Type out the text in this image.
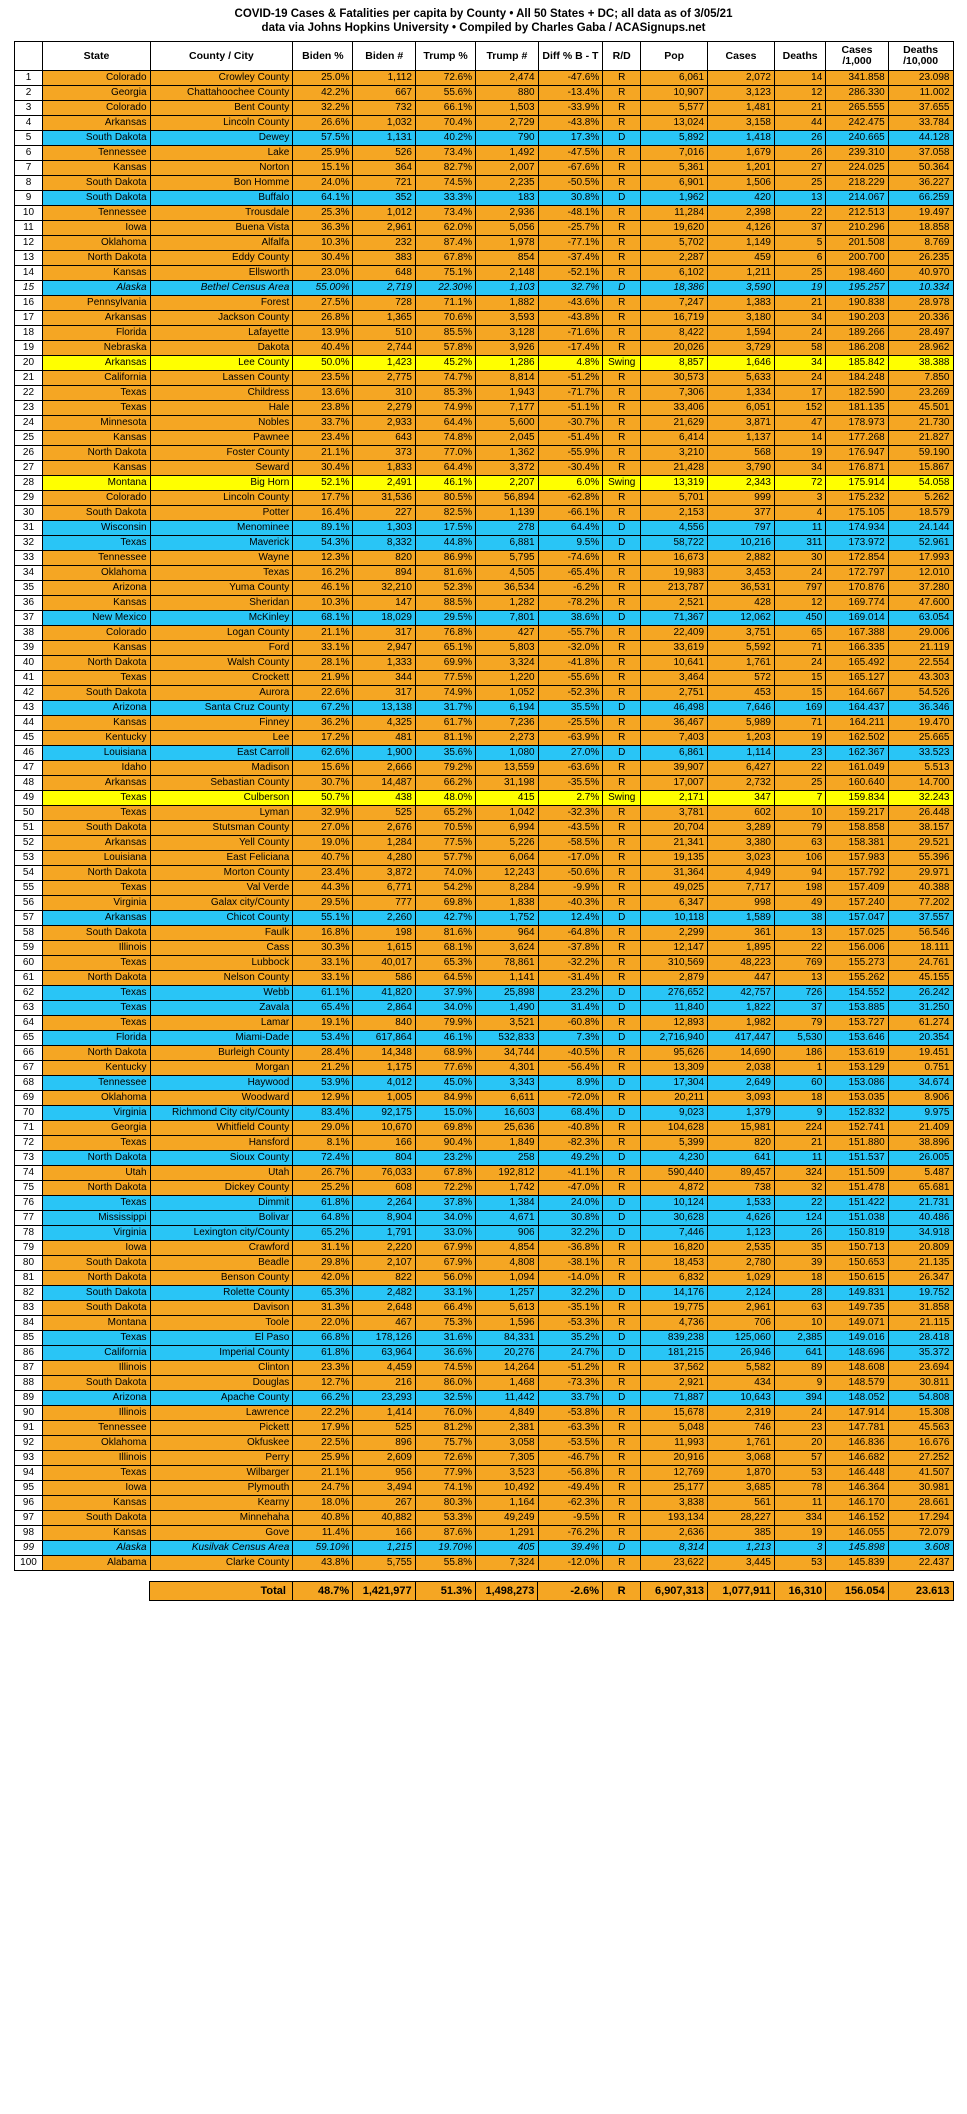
COVID-19 Cases & Fatalities per capita by County • All 50 States + DC; all data as of 3/05/21
data via Johns Hopkins University • Compiled by Charles Gaba / ACASignups.net
	State	County / City	Biden %	Biden #	Trump %	Trump #	Diff % B - T	R/D	Pop	Cases	Deaths	Cases /1,000	Deaths /10,000
1	Colorado	Crowley County	25.0%	1,112	72.6%	2,474	-47.6%	R	6,061	2,072	14	341.858	23.098
2	Georgia	Chattahoochee County	42.2%	667	55.6%	880	-13.4%	R	10,907	3,123	12	286.330	11.002
3	Colorado	Bent County	32.2%	732	66.1%	1,503	-33.9%	R	5,577	1,481	21	265.555	37.655
4	Arkansas	Lincoln County	26.6%	1,032	70.4%	2,729	-43.8%	R	13,024	3,158	44	242.475	33.784
5	South Dakota	Dewey	57.5%	1,131	40.2%	790	17.3%	D	5,892	1,418	26	240.665	44.128
6	Tennessee	Lake	25.9%	526	73.4%	1,492	-47.5%	R	7,016	1,679	26	239.310	37.058
7	Kansas	Norton	15.1%	364	82.7%	2,007	-67.6%	R	5,361	1,201	27	224.025	50.364
8	South Dakota	Bon Homme	24.0%	721	74.5%	2,235	-50.5%	R	6,901	1,506	25	218.229	36.227
9	South Dakota	Buffalo	64.1%	352	33.3%	183	30.8%	D	1,962	420	13	214.067	66.259
10	Tennessee	Trousdale	25.3%	1,012	73.4%	2,936	-48.1%	R	11,284	2,398	22	212.513	19.497
11	Iowa	Buena Vista	36.3%	2,961	62.0%	5,056	-25.7%	R	19,620	4,126	37	210.296	18.858
12	Oklahoma	Alfalfa	10.3%	232	87.4%	1,978	-77.1%	R	5,702	1,149	5	201.508	8.769
13	North Dakota	Eddy County	30.4%	383	67.8%	854	-37.4%	R	2,287	459	6	200.700	26.235
14	Kansas	Ellsworth	23.0%	648	75.1%	2,148	-52.1%	R	6,102	1,211	25	198.460	40.970
15	Alaska	Bethel Census Area	55.00%	2,719	22.30%	1,103	32.7%	D	18,386	3,590	19	195.257	10.334
16	Pennsylvania	Forest	27.5%	728	71.1%	1,882	-43.6%	R	7,247	1,383	21	190.838	28.978
17	Arkansas	Jackson County	26.8%	1,365	70.6%	3,593	-43.8%	R	16,719	3,180	34	190.203	20.336
18	Florida	Lafayette	13.9%	510	85.5%	3,128	-71.6%	R	8,422	1,594	24	189.266	28.497
19	Nebraska	Dakota	40.4%	2,744	57.8%	3,926	-17.4%	R	20,026	3,729	58	186.208	28.962
20	Arkansas	Lee County	50.0%	1,423	45.2%	1,286	4.8%	Swing	8,857	1,646	34	185.842	38.388
21	California	Lassen County	23.5%	2,775	74.7%	8,814	-51.2%	R	30,573	5,633	24	184.248	7.850
22	Texas	Childress	13.6%	310	85.3%	1,943	-71.7%	R	7,306	1,334	17	182.590	23.269
23	Texas	Hale	23.8%	2,279	74.9%	7,177	-51.1%	R	33,406	6,051	152	181.135	45.501
24	Minnesota	Nobles	33.7%	2,933	64.4%	5,600	-30.7%	R	21,629	3,871	47	178.973	21.730
25	Kansas	Pawnee	23.4%	643	74.8%	2,045	-51.4%	R	6,414	1,137	14	177.268	21.827
26	North Dakota	Foster County	21.1%	373	77.0%	1,362	-55.9%	R	3,210	568	19	176.947	59.190
27	Kansas	Seward	30.4%	1,833	64.4%	3,372	-30.4%	R	21,428	3,790	34	176.871	15.867
28	Montana	Big Horn	52.1%	2,491	46.1%	2,207	6.0%	Swing	13,319	2,343	72	175.914	54.058
29	Colorado	Lincoln County	17.7%	31,536	80.5%	56,894	-62.8%	R	5,701	999	3	175.232	5.262
30	South Dakota	Potter	16.4%	227	82.5%	1,139	-66.1%	R	2,153	377	4	175.105	18.579
31	Wisconsin	Menominee	89.1%	1,303	17.5%	278	64.4%	D	4,556	797	11	174.934	24.144
32	Texas	Maverick	54.3%	8,332	44.8%	6,881	9.5%	D	58,722	10,216	311	173.972	52.961
33	Tennessee	Wayne	12.3%	820	86.9%	5,795	-74.6%	R	16,673	2,882	30	172.854	17.993
34	Oklahoma	Texas	16.2%	894	81.6%	4,505	-65.4%	R	19,983	3,453	24	172.797	12.010
35	Arizona	Yuma County	46.1%	32,210	52.3%	36,534	-6.2%	R	213,787	36,531	797	170.876	37.280
36	Kansas	Sheridan	10.3%	147	88.5%	1,282	-78.2%	R	2,521	428	12	169.774	47.600
37	New Mexico	McKinley	68.1%	18,029	29.5%	7,801	38.6%	D	71,367	12,062	450	169.014	63.054
38	Colorado	Logan County	21.1%	317	76.8%	427	-55.7%	R	22,409	3,751	65	167.388	29.006
39	Kansas	Ford	33.1%	2,947	65.1%	5,803	-32.0%	R	33,619	5,592	71	166.335	21.119
40	North Dakota	Walsh County	28.1%	1,333	69.9%	3,324	-41.8%	R	10,641	1,761	24	165.492	22.554
41	Texas	Crockett	21.9%	344	77.5%	1,220	-55.6%	R	3,464	572	15	165.127	43.303
42	South Dakota	Aurora	22.6%	317	74.9%	1,052	-52.3%	R	2,751	453	15	164.667	54.526
43	Arizona	Santa Cruz County	67.2%	13,138	31.7%	6,194	35.5%	D	46,498	7,646	169	164.437	36.346
44	Kansas	Finney	36.2%	4,325	61.7%	7,236	-25.5%	R	36,467	5,989	71	164.211	19.470
45	Kentucky	Lee	17.2%	481	81.1%	2,273	-63.9%	R	7,403	1,203	19	162.502	25.665
46	Louisiana	East Carroll	62.6%	1,900	35.6%	1,080	27.0%	D	6,861	1,114	23	162.367	33.523
47	Idaho	Madison	15.6%	2,666	79.2%	13,559	-63.6%	R	39,907	6,427	22	161.049	5.513
48	Arkansas	Sebastian County	30.7%	14,487	66.2%	31,198	-35.5%	R	17,007	2,732	25	160.640	14.700
49	Texas	Culberson	50.7%	438	48.0%	415	2.7%	Swing	2,171	347	7	159.834	32.243
50	Texas	Lyman	32.9%	525	65.2%	1,042	-32.3%	R	3,781	602	10	159.217	26.448
51	South Dakota	Stutsman County	27.0%	2,676	70.5%	6,994	-43.5%	R	20,704	3,289	79	158.858	38.157
52	Arkansas	Yell County	19.0%	1,284	77.5%	5,226	-58.5%	R	21,341	3,380	63	158.381	29.521
53	Louisiana	East Feliciana	40.7%	4,280	57.7%	6,064	-17.0%	R	19,135	3,023	106	157.983	55.396
54	North Dakota	Morton County	23.4%	3,872	74.0%	12,243	-50.6%	R	31,364	4,949	94	157.792	29.971
55	Texas	Val Verde	44.3%	6,771	54.2%	8,284	-9.9%	R	49,025	7,717	198	157.409	40.388
56	Virginia	Galax city/County	29.5%	777	69.8%	1,838	-40.3%	R	6,347	998	49	157.240	77.202
57	Arkansas	Chicot County	55.1%	2,260	42.7%	1,752	12.4%	D	10,118	1,589	38	157.047	37.557
58	South Dakota	Faulk	16.8%	198	81.6%	964	-64.8%	R	2,299	361	13	157.025	56.546
59	Illinois	Cass	30.3%	1,615	68.1%	3,624	-37.8%	R	12,147	1,895	22	156.006	18.111
60	Texas	Lubbock	33.1%	40,017	65.3%	78,861	-32.2%	R	310,569	48,223	769	155.273	24.761
61	North Dakota	Nelson County	33.1%	586	64.5%	1,141	-31.4%	R	2,879	447	13	155.262	45.155
62	Texas	Webb	61.1%	41,820	37.9%	25,898	23.2%	D	276,652	42,757	726	154.552	26.242
63	Texas	Zavala	65.4%	2,864	34.0%	1,490	31.4%	D	11,840	1,822	37	153.885	31.250
64	Texas	Lamar	19.1%	840	79.9%	3,521	-60.8%	R	12,893	1,982	79	153.727	61.274
65	Florida	Miami-Dade	53.4%	617,864	46.1%	532,833	7.3%	D	2,716,940	417,447	5,530	153.646	20.354
66	North Dakota	Burleigh County	28.4%	14,348	68.9%	34,744	-40.5%	R	95,626	14,690	186	153.619	19.451
67	Kentucky	Morgan	21.2%	1,175	77.6%	4,301	-56.4%	R	13,309	2,038	1	153.129	0.751
68	Tennessee	Haywood	53.9%	4,012	45.0%	3,343	8.9%	D	17,304	2,649	60	153.086	34.674
69	Oklahoma	Woodward	12.9%	1,005	84.9%	6,611	-72.0%	R	20,211	3,093	18	153.035	8.906
70	Virginia	Richmond City city/County	83.4%	92,175	15.0%	16,603	68.4%	D	9,023	1,379	9	152.832	9.975
71	Georgia	Whitfield County	29.0%	10,670	69.8%	25,636	-40.8%	R	104,628	15,981	224	152.741	21.409
72	Texas	Hansford	8.1%	166	90.4%	1,849	-82.3%	R	5,399	820	21	151.880	38.896
73	North Dakota	Sioux County	72.4%	804	23.2%	258	49.2%	D	4,230	641	11	151.537	26.005
74	Utah	Utah	26.7%	76,033	67.8%	192,812	-41.1%	R	590,440	89,457	324	151.509	5.487
75	North Dakota	Dickey County	25.2%	608	72.2%	1,742	-47.0%	R	4,872	738	32	151.478	65.681
76	Texas	Dimmit	61.8%	2,264	37.8%	1,384	24.0%	D	10,124	1,533	22	151.422	21.731
77	Mississippi	Bolivar	64.8%	8,904	34.0%	4,671	30.8%	D	30,628	4,626	124	151.038	40.486
78	Virginia	Lexington city/County	65.2%	1,791	33.0%	906	32.2%	D	7,446	1,123	26	150.819	34.918
79	Iowa	Crawford	31.1%	2,220	67.9%	4,854	-36.8%	R	16,820	2,535	35	150.713	20.809
80	South Dakota	Beadle	29.8%	2,107	67.9%	4,808	-38.1%	R	18,453	2,780	39	150.653	21.135
81	North Dakota	Benson County	42.0%	822	56.0%	1,094	-14.0%	R	6,832	1,029	18	150.615	26.347
82	South Dakota	Rolette County	65.3%	2,482	33.1%	1,257	32.2%	D	14,176	2,124	28	149.831	19.752
83	South Dakota	Davison	31.3%	2,648	66.4%	5,613	-35.1%	R	19,775	2,961	63	149.735	31.858
84	Montana	Toole	22.0%	467	75.3%	1,596	-53.3%	R	4,736	706	10	149.071	21.115
85	Texas	El Paso	66.8%	178,126	31.6%	84,331	35.2%	D	839,238	125,060	2,385	149.016	28.418
86	California	Imperial County	61.8%	63,964	36.6%	20,276	24.7%	D	181,215	26,946	641	148.696	35.372
87	Illinois	Clinton	23.3%	4,459	74.5%	14,264	-51.2%	R	37,562	5,582	89	148.608	23.694
88	South Dakota	Douglas	12.7%	216	86.0%	1,468	-73.3%	R	2,921	434	9	148.579	30.811
89	Arizona	Apache County	66.2%	23,293	32.5%	11,442	33.7%	D	71,887	10,643	394	148.052	54.808
90	Illinois	Lawrence	22.2%	1,414	76.0%	4,849	-53.8%	R	15,678	2,319	24	147.914	15.308
91	Tennessee	Pickett	17.9%	525	81.2%	2,381	-63.3%	R	5,048	746	23	147.781	45.563
92	Oklahoma	Okfuskee	22.5%	896	75.7%	3,058	-53.5%	R	11,993	1,761	20	146.836	16.676
93	Illinois	Perry	25.9%	2,609	72.6%	7,305	-46.7%	R	20,916	3,068	57	146.682	27.252
94	Texas	Wilbarger	21.1%	956	77.9%	3,523	-56.8%	R	12,769	1,870	53	146.448	41.507
95	Iowa	Plymouth	24.7%	3,494	74.1%	10,492	-49.4%	R	25,177	3,685	78	146.364	30.981
96	Kansas	Kearny	18.0%	267	80.3%	1,164	-62.3%	R	3,838	561	11	146.170	28.661
97	South Dakota	Minnehaha	40.8%	40,882	53.3%	49,249	-9.5%	R	193,134	28,227	334	146.152	17.294
98	Kansas	Gove	11.4%	166	87.6%	1,291	-76.2%	R	2,636	385	19	146.055	72.079
99	Alaska	Kusilvak Census Area	59.10%	1,215	19.70%	405	39.4%	D	8,314	1,213	3	145.898	3.608
100	Alabama	Clarke County	43.8%	5,755	55.8%	7,324	-12.0%	R	23,622	3,445	53	145.839	22.437
		Total	48.7%	1,421,977	51.3%	1,498,273	-2.6%	R	6,907,313	1,077,911	16,310	156.054	23.613
